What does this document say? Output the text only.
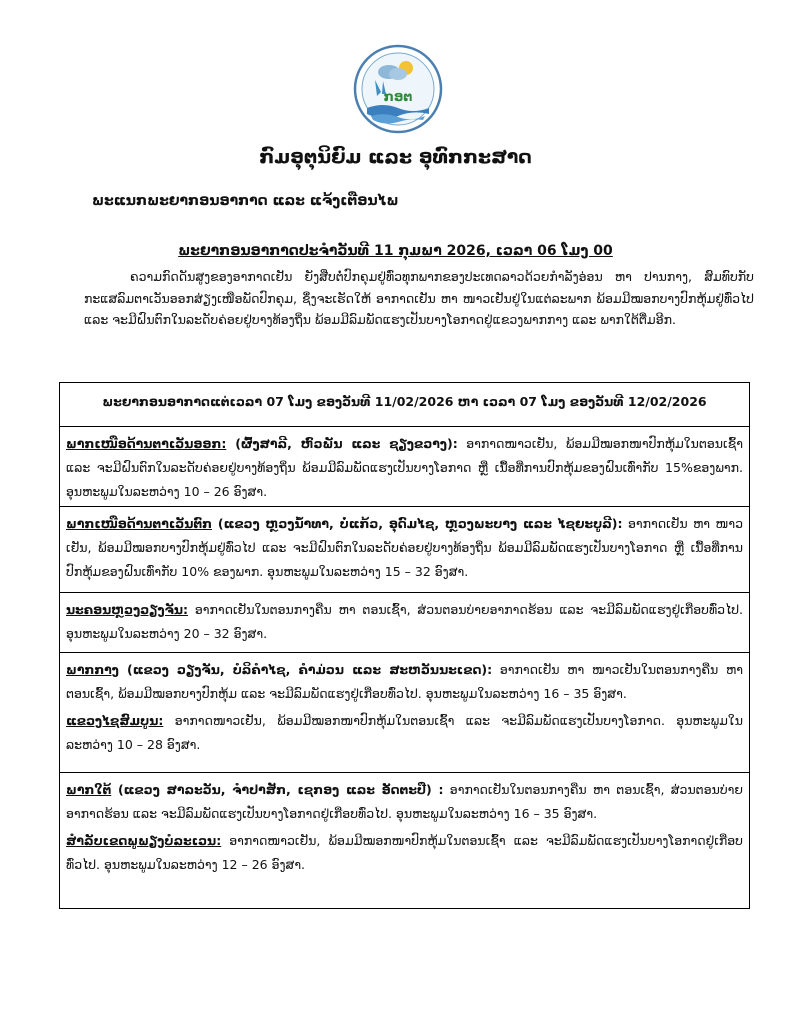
ກອຕ
ກົມອຸຕຸນິຍົມ ແລະ ອຸທົກກະສາດ
ພະແນກພະຍາກອນອາກາດ ແລະ ແຈ້ງເຕືອນໄພ
ພະຍາກອນອາກາດປະຈຳວັນທີ 11 ກຸມພາ 2026, ເວລາ 06 ໂມງ 00
ຄວາມກົດດັນສູງຂອງອາກາດເຢັນ ຍັງສືບຕໍ່ປົກຄຸມຢູ່ທົ່ວທຸກພາກຂອງປະເທດລາວດ້ວຍກຳລັງອ່ອນ ຫາ ປານກາງ, ສົມທົບກັບກະແສລົມຕາເວັນອອກສ່ຽງເໜືອພັດປົກຄຸມ, ຊຶ່ງຈະເຮັດໃຫ້ ອາກາດເຢັນ ຫາ ໜາວເຢັນຢູ່ໃນແຕ່ລະພາກ ພ້ອມມີໝອກບາງປົກຫຸ້ມຢູ່ທົ່ວໄປ ແລະ ຈະມີຝົນຕົກໃນລະດັບຄ່ອຍຢູ່ບາງທ້ອງຖິ່ນ ພ້ອມມີລົມພັດແຮງເປັນບາງໂອກາດຢູ່ແຂວງພາກກາງ ແລະ ພາກໃຕ້ຕື່ມອີກ.
ພະຍາກອນອາກາດແຕ່ເວລາ 07 ໂມງ ຂອງວັນທີ 11/02/2026 ຫາ ເວລາ 07 ໂມງ ຂອງວັນທີ 12/02/2026
ພາກເໜືອດ້ານຕາເວັນອອກ: (ຜົ້ງສາລີ, ຫົວພັນ ແລະ ຊຽງຂວາງ): ອາກາດໜາວເຢັນ, ພ້ອມມີໝອກໜາປົກຫຸ້ມໃນຕອນເຊົ້າ ແລະ ຈະມີຝົນຕົກໃນລະດັບຄ່ອຍຢູ່ບາງທ້ອງຖິ່ນ ພ້ອມມີລົມພັດແຮງເປັນບາງໂອກາດ ຫຼື ເນື້ອທີ່ການປົກຫຸ້ມຂອງຝົນເທົ່າກັບ 15%ຂອງພາກ. ອຸນຫະພູມໃນລະຫວ່າງ 10 – 26 ອົງສາ.
ພາກເໜືອດ້ານຕາເວັນຕົກ (ແຂວງ ຫຼວງນ້ຳທາ, ບໍ່ແກ້ວ, ອຸດົມໄຊ, ຫຼວງພະບາງ ແລະ ໄຊຍະບູລີ): ອາກາດເຢັນ ຫາ ໜາວເຢັນ, ພ້ອມມີໝອກບາງປົກຫຸ້ມຢູ່ທົ່ວໄປ ແລະ ຈະມີຝົນຕົກໃນລະດັບຄ່ອຍຢູ່ບາງທ້ອງຖິ່ນ ພ້ອມມີລົມພັດແຮງເປັນບາງໂອກາດ ຫຼື ເນື້ອທີ່ການປົກຫຸ້ມຂອງຝົນເທົ່າກັບ 10% ຂອງພາກ. ອຸນຫະພູມໃນລະຫວ່າງ 15 – 32 ອົງສາ.
ນະຄອນຫຼວງວຽງຈັນ: ອາກາດເຢັນໃນຕອນກາງຄືນ ຫາ ຕອນເຊົ້າ, ສ່ວນຕອນບ່າຍອາກາດຮ້ອນ ແລະ ຈະມີລົມພັດແຮງຢູ່ເກືອບທົ່ວໄປ. ອຸນຫະພູມໃນລະຫວ່າງ 20 – 32 ອົງສາ.
ພາກກາງ (ແຂວງ ວຽງຈັນ, ບໍລິຄຳໄຊ, ຄຳມ່ວນ ແລະ ສະຫວັນນະເຂດ): ອາກາດເຢັນ ຫາ ໜາວເຢັນໃນຕອນກາງຄືນ ຫາ ຕອນເຊົ້າ, ພ້ອມມີໝອກບາງປົກຫຸ້ມ ແລະ ຈະມີລົມພັດແຮງຢູ່ເກືອບທົ່ວໄປ. ອຸນຫະພູມໃນລະຫວ່າງ 16 – 35 ອົງສາ.
ແຂວງໄຊສົມບູນ: ອາກາດໜາວເຢັນ, ພ້ອມມີໝອກໜາປົກຫຸ້ມໃນຕອນເຊົ້າ ແລະ ຈະມີລົມພັດແຮງເປັນບາງໂອກາດ. ອຸນຫະພູມໃນລະຫວ່າງ 10 – 28 ອົງສາ.
ພາກໃຕ້ (ແຂວງ ສາລະວັນ, ຈຳປາສັກ, ເຊກອງ ແລະ ອັດຕະປື) : ອາກາດເຢັນໃນຕອນກາງຄືນ ຫາ ຕອນເຊົ້າ, ສ່ວນຕອນບ່າຍອາກາດຮ້ອນ ແລະ ຈະມີລົມພັດແຮງເປັນບາງໂອກາດຢູ່ເກືອບທົ່ວໄປ. ອຸນຫະພູມໃນລະຫວ່າງ 16 – 35 ອົງສາ.
ສຳລັບເຂດພູພຽງບໍລະເວນ: ອາກາດໜາວເຢັນ, ພ້ອມມີໝອກໜາປົກຫຸ້ມໃນຕອນເຊົ້າ ແລະ ຈະມີລົມພັດແຮງເປັນບາງໂອກາດຢູ່ເກືອບທົ່ວໄປ. ອຸນຫະພູມໃນລະຫວ່າງ 12 – 26 ອົງສາ.
